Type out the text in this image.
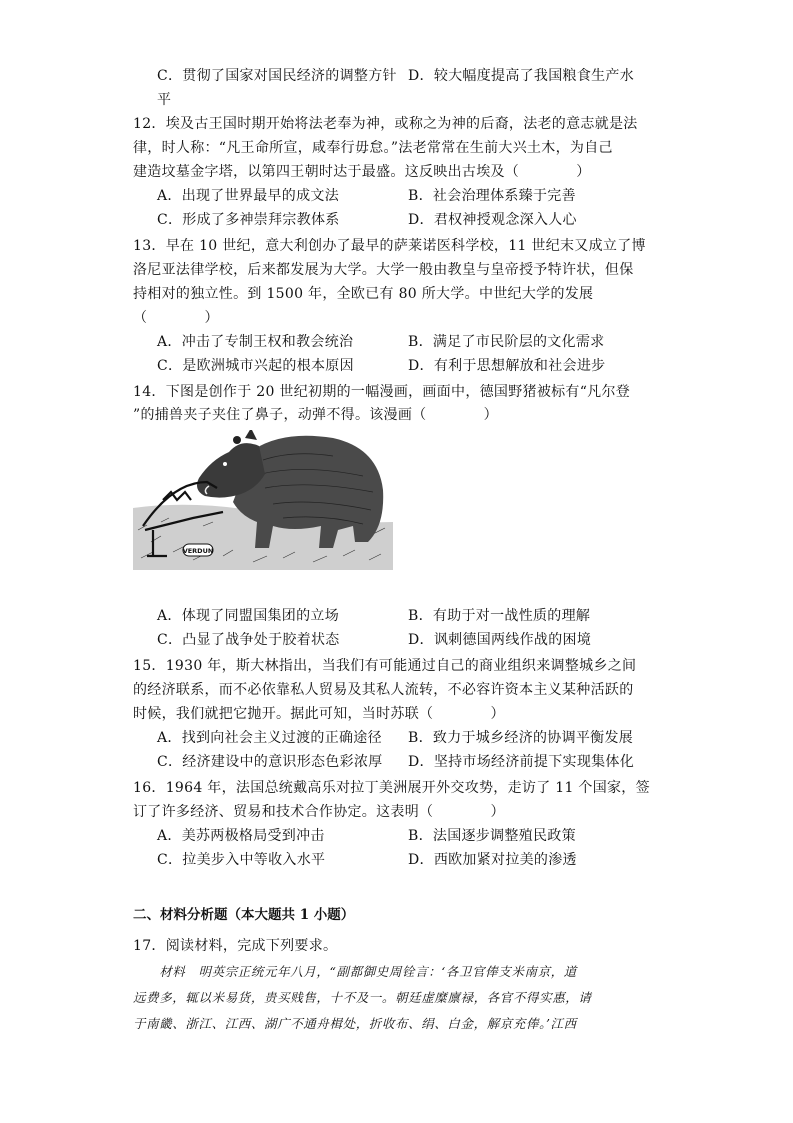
C．贯彻了国家对国民经济的调整方针 D．较大幅度提高了我国粮食生产水
平
12．埃及古王国时期开始将法老奉为神，或称之为神的后裔，法老的意志就是法
律，时人称：“凡王命所宣，咸奉行毋怠。”法老常常在生前大兴土木，为自己
建造坟墓金字塔，以第四王朝时达于最盛。这反映出古埃及（　　　　）
A．出现了世界最早的成文法	B．社会治理体系臻于完善
C．形成了多神崇拜宗教体系	D．君权神授观念深入人心
13．早在 10 世纪，意大利创办了最早的萨莱诺医科学校，11 世纪末又成立了博
洛尼亚法律学校，后来都发展为大学。大学一般由教皇与皇帝授予特许状，但保
持相对的独立性。到 1500 年，全欧已有 80 所大学。中世纪大学的发展
（　　　　）
A．冲击了专制王权和教会统治	B．满足了市民阶层的文化需求
C．是欧洲城市兴起的根本原因	D．有利于思想解放和社会进步
14．下图是创作于 20 世纪初期的一幅漫画，画面中，德国野猪被标有“凡尔登
”的捕兽夹子夹住了鼻子，动弹不得。该漫画（　　　　）
VERDUN
A．体现了同盟国集团的立场	B．有助于对一战性质的理解
C．凸显了战争处于胶着状态	D．讽刺德国两线作战的困境
15．1930 年，斯大林指出，当我们有可能通过自己的商业组织来调整城乡之间
的经济联系，而不必依靠私人贸易及其私人流转，不必容许资本主义某种活跃的
时候，我们就把它抛开。据此可知，当时苏联（　　　　）
A．找到向社会主义过渡的正确途径 B．致力于城乡经济的协调平衡发展
C．经济建设中的意识形态色彩浓厚 D．坚持市场经济前提下实现集体化
16．1964 年，法国总统戴高乐对拉丁美洲展开外交攻势，走访了 11 个国家，签
订了许多经济、贸易和技术合作协定。这表明（　　　　）
A．美苏两极格局受到冲击	B．法国逐步调整殖民政策
C．拉美步入中等收入水平	D．西欧加紧对拉美的渗透
二、材料分析题（本大题共 1 小题）
17．阅读材料，完成下列要求。
　　材料　明英宗正统元年八月，“副都御史周铨言：‘各卫官俸支米南京，道
远费多，辄以米易货，贵买贱售，十不及一。朝廷虚糜廪禄，各官不得实惠，请
于南畿、浙江、江西、湖广不通舟楫处，折收布、绢、白金，解京充俸。’江西
